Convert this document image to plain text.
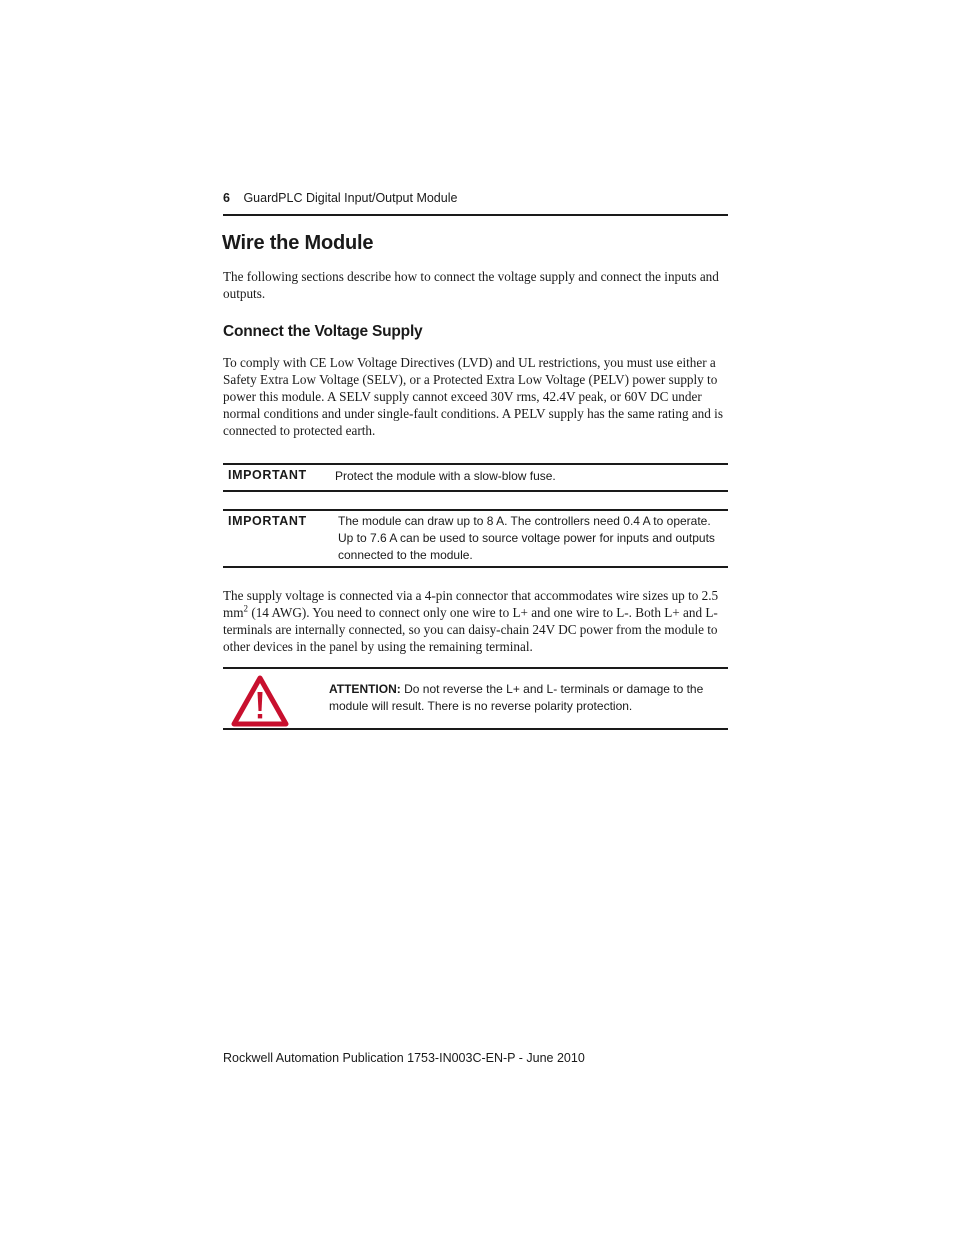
6 GuardPLC Digital Input/Output Module
Wire the Module

The following sections describe how to connect the voltage supply and connect the inputs and outputs.

Connect the Voltage Supply

To comply with CE Low Voltage Directives (LVD) and UL restrictions, you must use either a Safety Extra Low Voltage (SELV), or a Protected Extra Low Voltage (PELV) power supply to power this module. A SELV supply cannot exceed 30V rms, 42.4V peak, or 60V DC under normal conditions and under single-fault conditions. A PELV supply has the same rating and is connected to protected earth.

IMPORTANT Protect the module with a slow-blow fuse.
IMPORTANT	The module can draw up to 8 A. The controllers need 0.4 A to operate. Up to 7.6 A can be used to source voltage power for inputs and outputs connected to the module.

The supply voltage is connected via a 4-pin connector that accommodates wire sizes up to 2.5 $mm^2$ (14 AWG). You need to connect only one wire to L+ and one wire to L-. Both L+ and L- terminals are internally connected, so you can daisy-chain 24V DC power from the module to other devices in the panel by using the remaining terminal.

ATTENTION: Do not reverse the L+ and L- terminals or damage to the module will result. There is no reverse polarity protection.
Rockwell Automation Publication 1753-IN003C-EN-P - June 2010
